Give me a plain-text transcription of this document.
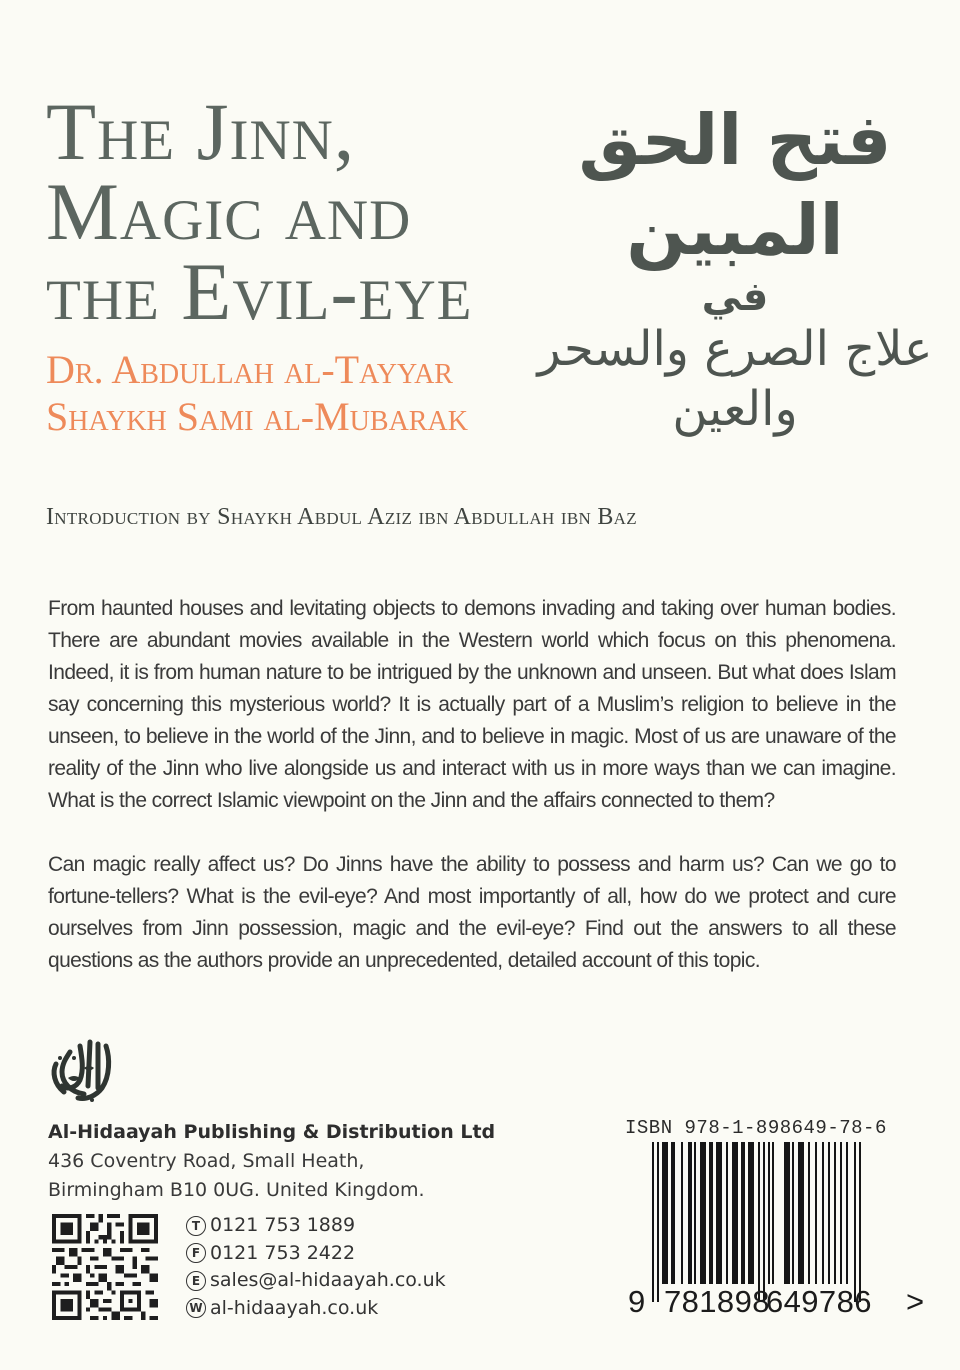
The Jinn,
Magic and
the Evil-eye
فتح الحق المبين
في
علاج الصرع والسحر والعين
Dr. Abdullah al-Tayyar
Shaykh Sami al-Mubarak
Introduction by Shaykh Abdul Aziz ibn Abdullah ibn Baz

From haunted houses and levitating objects to demons invading and taking over human bodies. There are abundant movies available in the Western world which focus on this phenomena. Indeed, it is from human nature to be intrigued by the unknown and unseen. But what does Islam say concerning this mysterious world? It is actually part of a Muslim’s religion to believe in the unseen, to believe in the world of the Jinn, and to believe in magic. Most of us are unaware of the reality of the Jinn who live alongside us and interact with us in more ways than we can imagine. What is the correct Islamic viewpoint on the Jinn and the affairs connected to them?

Can magic really affect us? Do Jinns have the ability to possess and harm us? Can we go to fortune-tellers? What is the evil-eye? And most importantly of all, how do we protect and cure ourselves from Jinn possession, magic and the evil-eye? Find out the answers to all these questions as the authors provide an unprecedented, detailed account of this topic.

Al-Hidaayah Publishing & Distribution Ltd
436 Coventry Road, Small Heath,
Birmingham B10 0UG. United Kingdom.
T 0121 753 1889
F 0121 753 2422
E sales@al-hidaayah.co.uk
W al-hidaayah.co.uk
ISBN 978-1-898649-78-6
9 781898
649786 >
